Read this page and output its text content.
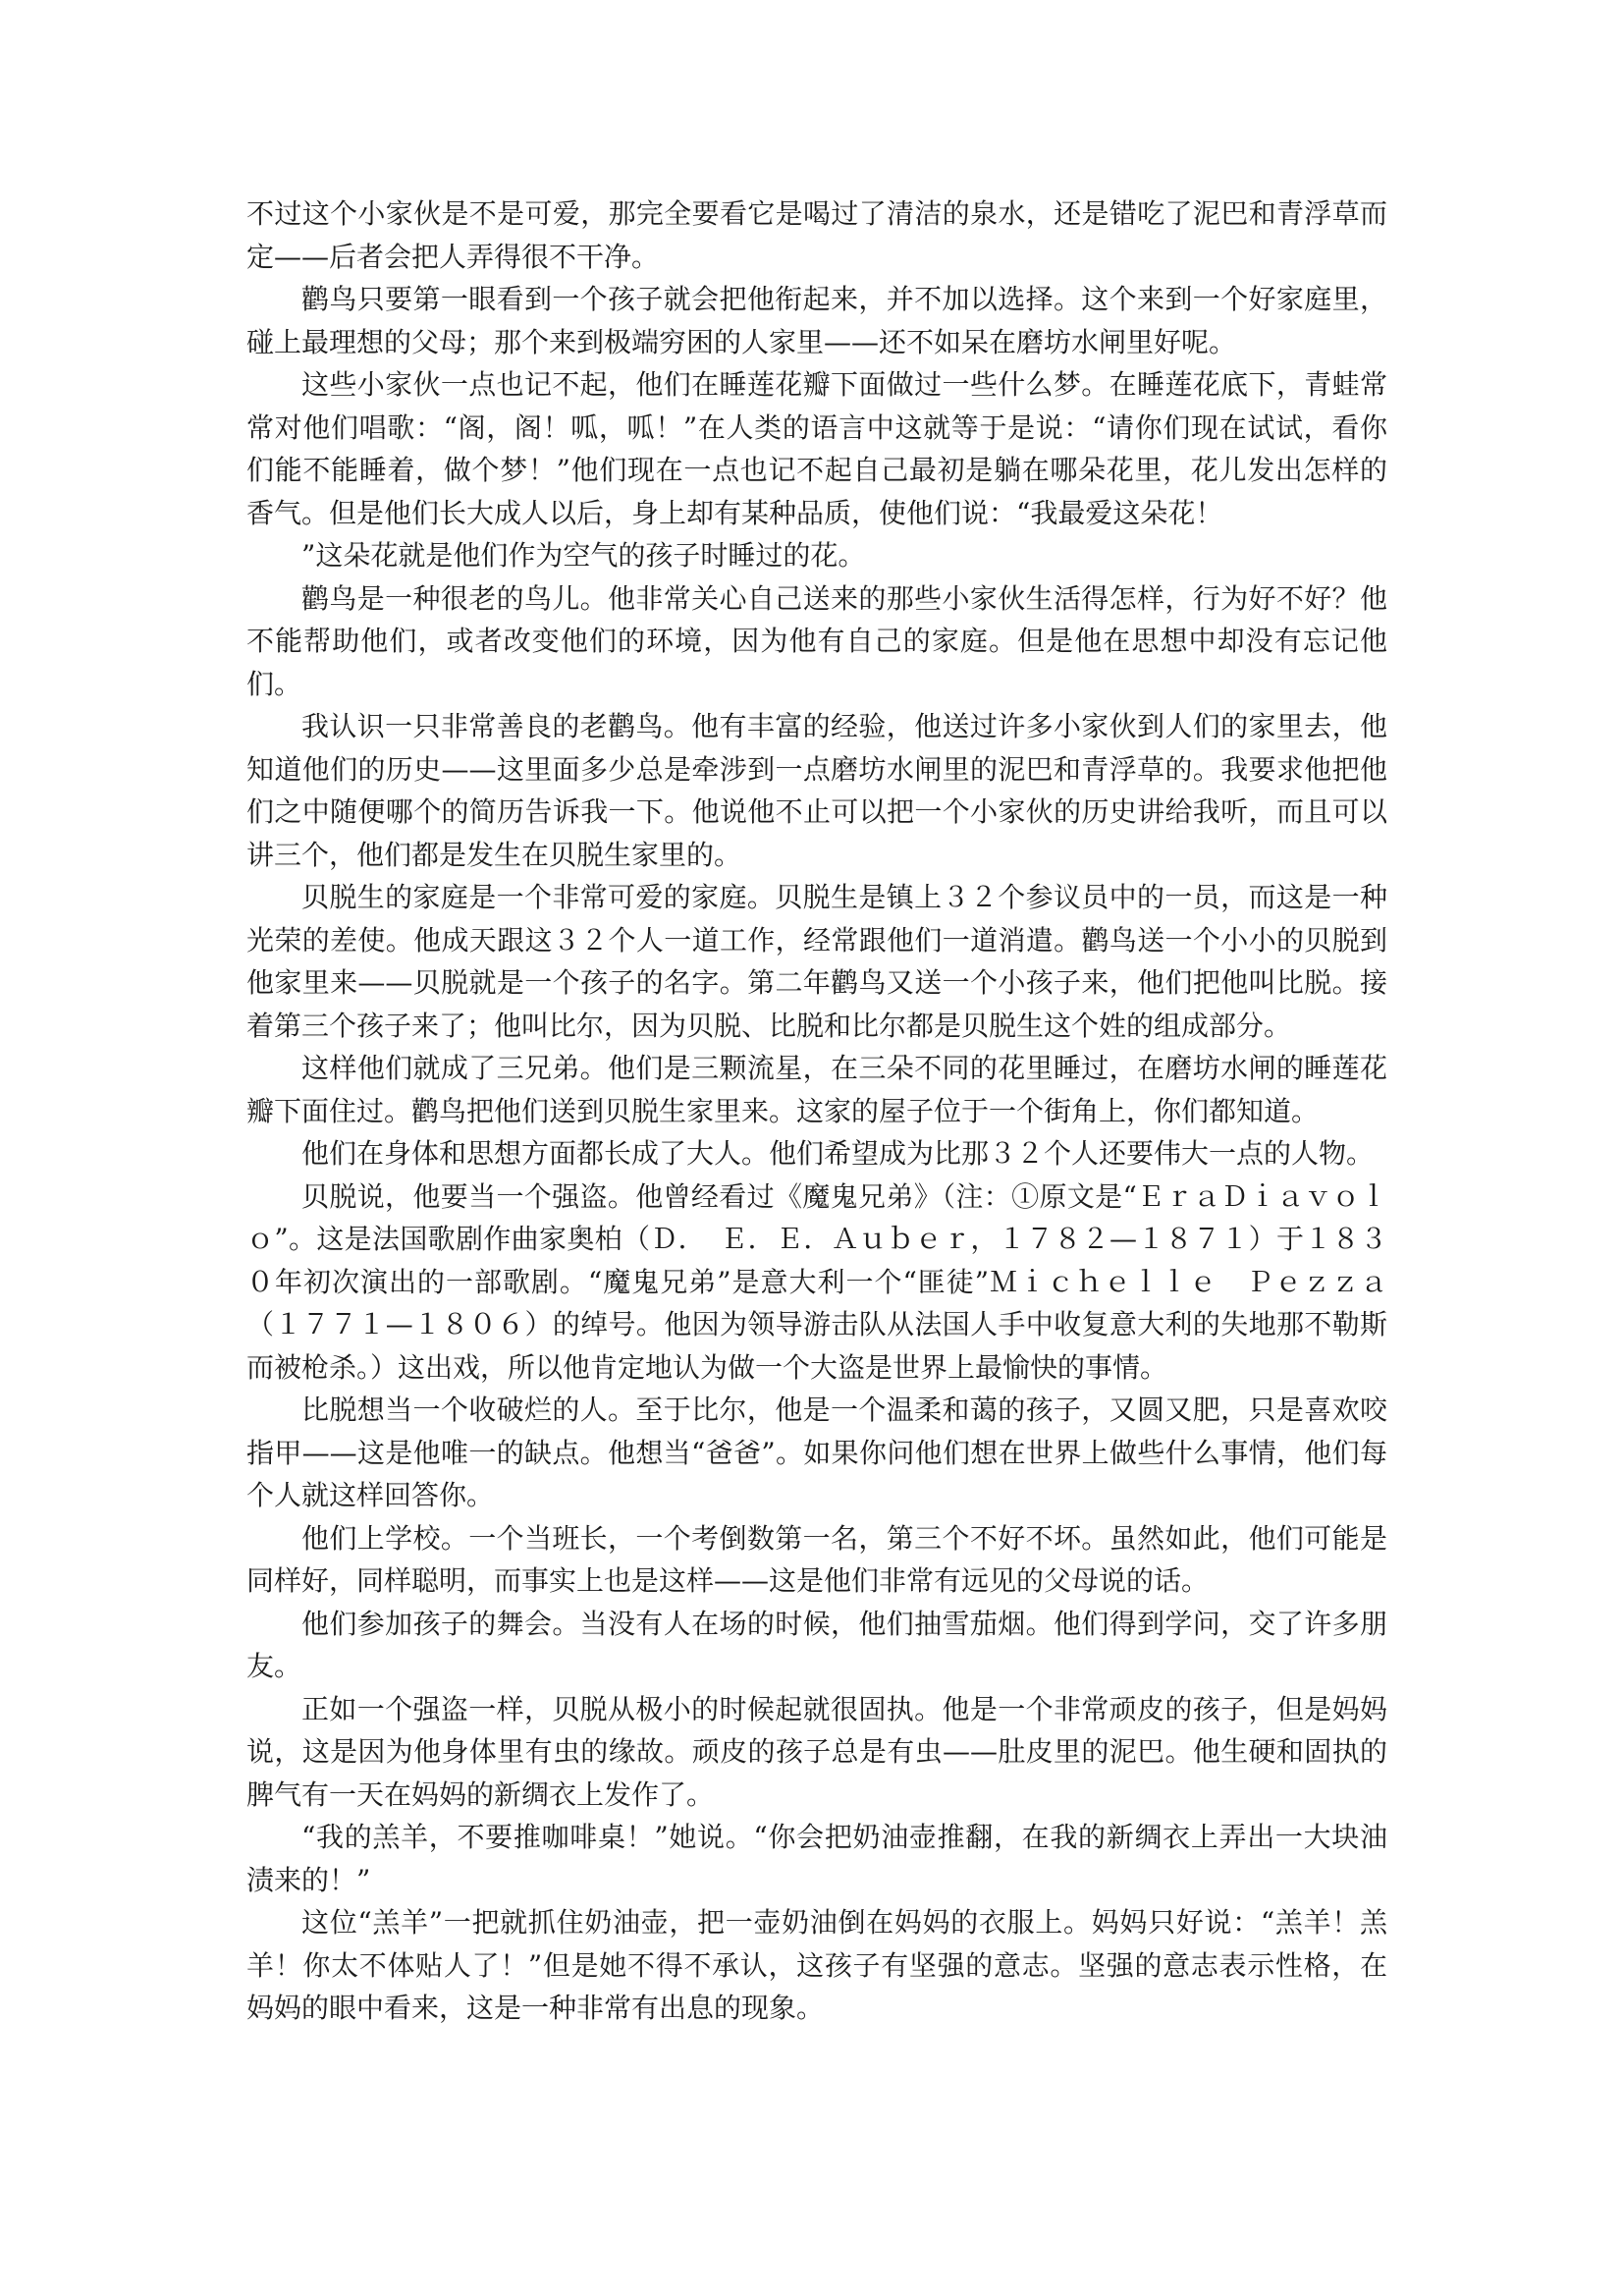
不过这个小家伙是不是可爱，那完全要看它是喝过了清洁的泉水，还是错吃了泥巴和青浮草而定——后者会把人弄得很不干净。

鹳鸟只要第一眼看到一个孩子就会把他衔起来，并不加以选择。这个来到一个好家庭里，碰上最理想的父母；那个来到极端穷困的人家里——还不如呆在磨坊水闸里好呢。

这些小家伙一点也记不起，他们在睡莲花瓣下面做过一些什么梦。在睡莲花底下，青蛙常常对他们唱歌：“阁，阁！呱，呱！”在人类的语言中这就等于是说：“请你们现在试试，看你们能不能睡着，做个梦！”他们现在一点也记不起自己最初是躺在哪朵花里，花儿发出怎样的香气。但是他们长大成人以后，身上却有某种品质，使他们说：“我最爱这朵花！

”这朵花就是他们作为空气的孩子时睡过的花。

鹳鸟是一种很老的鸟儿。他非常关心自己送来的那些小家伙生活得怎样，行为好不好？他不能帮助他们，或者改变他们的环境，因为他有自己的家庭。但是他在思想中却没有忘记他们。

我认识一只非常善良的老鹳鸟。他有丰富的经验，他送过许多小家伙到人们的家里去，他知道他们的历史——这里面多少总是牵涉到一点磨坊水闸里的泥巴和青浮草的。我要求他把他们之中随便哪个的简历告诉我一下。他说他不止可以把一个小家伙的历史讲给我听，而且可以讲三个，他们都是发生在贝脱生家里的。

贝脱生的家庭是一个非常可爱的家庭。贝脱生是镇上３２个参议员中的一员，而这是一种光荣的差使。他成天跟这３２个人一道工作，经常跟他们一道消遣。鹳鸟送一个小小的贝脱到他家里来——贝脱就是一个孩子的名字。第二年鹳鸟又送一个小孩子来，他们把他叫比脱。接着第三个孩子来了；他叫比尔，因为贝脱、比脱和比尔都是贝脱生这个姓的组成部分。

这样他们就成了三兄弟。他们是三颗流星，在三朵不同的花里睡过，在磨坊水闸的睡莲花瓣下面住过。鹳鸟把他们送到贝脱生家里来。这家的屋子位于一个街角上，你们都知道。

他们在身体和思想方面都长成了大人。他们希望成为比那３２个人还要伟大一点的人物。

贝脱说，他要当一个强盗。他曾经看过《魔鬼兄弟》（注：①原文是“ＥｒａＤｉａｖｏｌｏ”。这是法国歌剧作曲家奥柏（Ｄ．　Ｅ．Ｅ．Ａｕｂｅｒ，１７８２—１８７１）于１８３０年初次演出的一部歌剧。“魔鬼兄弟”是意大利一个“匪徒”Ｍｉｃｈｅｌｌｅ　Ｐｅｚｚａ（１７７１—１８０６）的绰号。他因为领导游击队从法国人手中收复意大利的失地那不勒斯而被枪杀。）这出戏，所以他肯定地认为做一个大盗是世界上最愉快的事情。

比脱想当一个收破烂的人。至于比尔，他是一个温柔和蔼的孩子，又圆又肥，只是喜欢咬指甲——这是他唯一的缺点。他想当“爸爸”。如果你问他们想在世界上做些什么事情，他们每个人就这样回答你。

他们上学校。一个当班长，一个考倒数第一名，第三个不好不坏。虽然如此，他们可能是同样好，同样聪明，而事实上也是这样——这是他们非常有远见的父母说的话。

他们参加孩子的舞会。当没有人在场的时候，他们抽雪茄烟。他们得到学问，交了许多朋友。

正如一个强盗一样，贝脱从极小的时候起就很固执。他是一个非常顽皮的孩子，但是妈妈说，这是因为他身体里有虫的缘故。顽皮的孩子总是有虫——肚皮里的泥巴。他生硬和固执的脾气有一天在妈妈的新绸衣上发作了。

“我的羔羊，不要推咖啡桌！”她说。“你会把奶油壶推翻，在我的新绸衣上弄出一大块油渍来的！”

这位“羔羊”一把就抓住奶油壶，把一壶奶油倒在妈妈的衣服上。妈妈只好说：“羔羊！羔羊！你太不体贴人了！”但是她不得不承认，这孩子有坚强的意志。坚强的意志表示性格，在妈妈的眼中看来，这是一种非常有出息的现象。
